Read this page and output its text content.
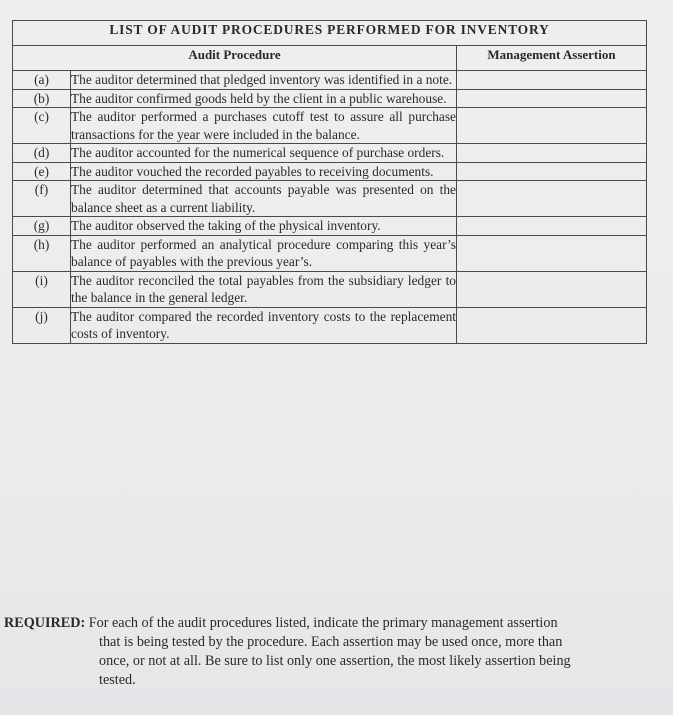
LIST OF AUDIT PROCEDURES PERFORMED FOR INVENTORY		
Audit Procedure		Management Assertion
(a)	The auditor determined that pledged inventory was identified in a note.	
(b)	The auditor confirmed goods held by the client in a public warehouse.	
(c)	The auditor performed a purchases cutoff test to assure all purchase transactions for the year were included in the balance.	
(d)	The auditor accounted for the numerical sequence of purchase orders.	
(e)	The auditor vouched the recorded payables to receiving documents.	
(f)	The auditor determined that accounts payable was presented on the balance sheet as a current liability.	
(g)	The auditor observed the taking of the physical inventory.	
(h)	The auditor performed an analytical procedure comparing this year’s balance of payables with the previous year’s.	
(i)	The auditor reconciled the total payables from the subsidiary ledger to the balance in the general ledger.	
(j)	The auditor compared the recorded inventory costs to the replacement costs of inventory.	
REQUIRED: For each of the audit procedures listed, indicate the primary management assertion
that is being tested by the procedure. Each assertion may be used once, more than
once, or not at all. Be sure to list only one assertion, the most likely assertion being
tested.
